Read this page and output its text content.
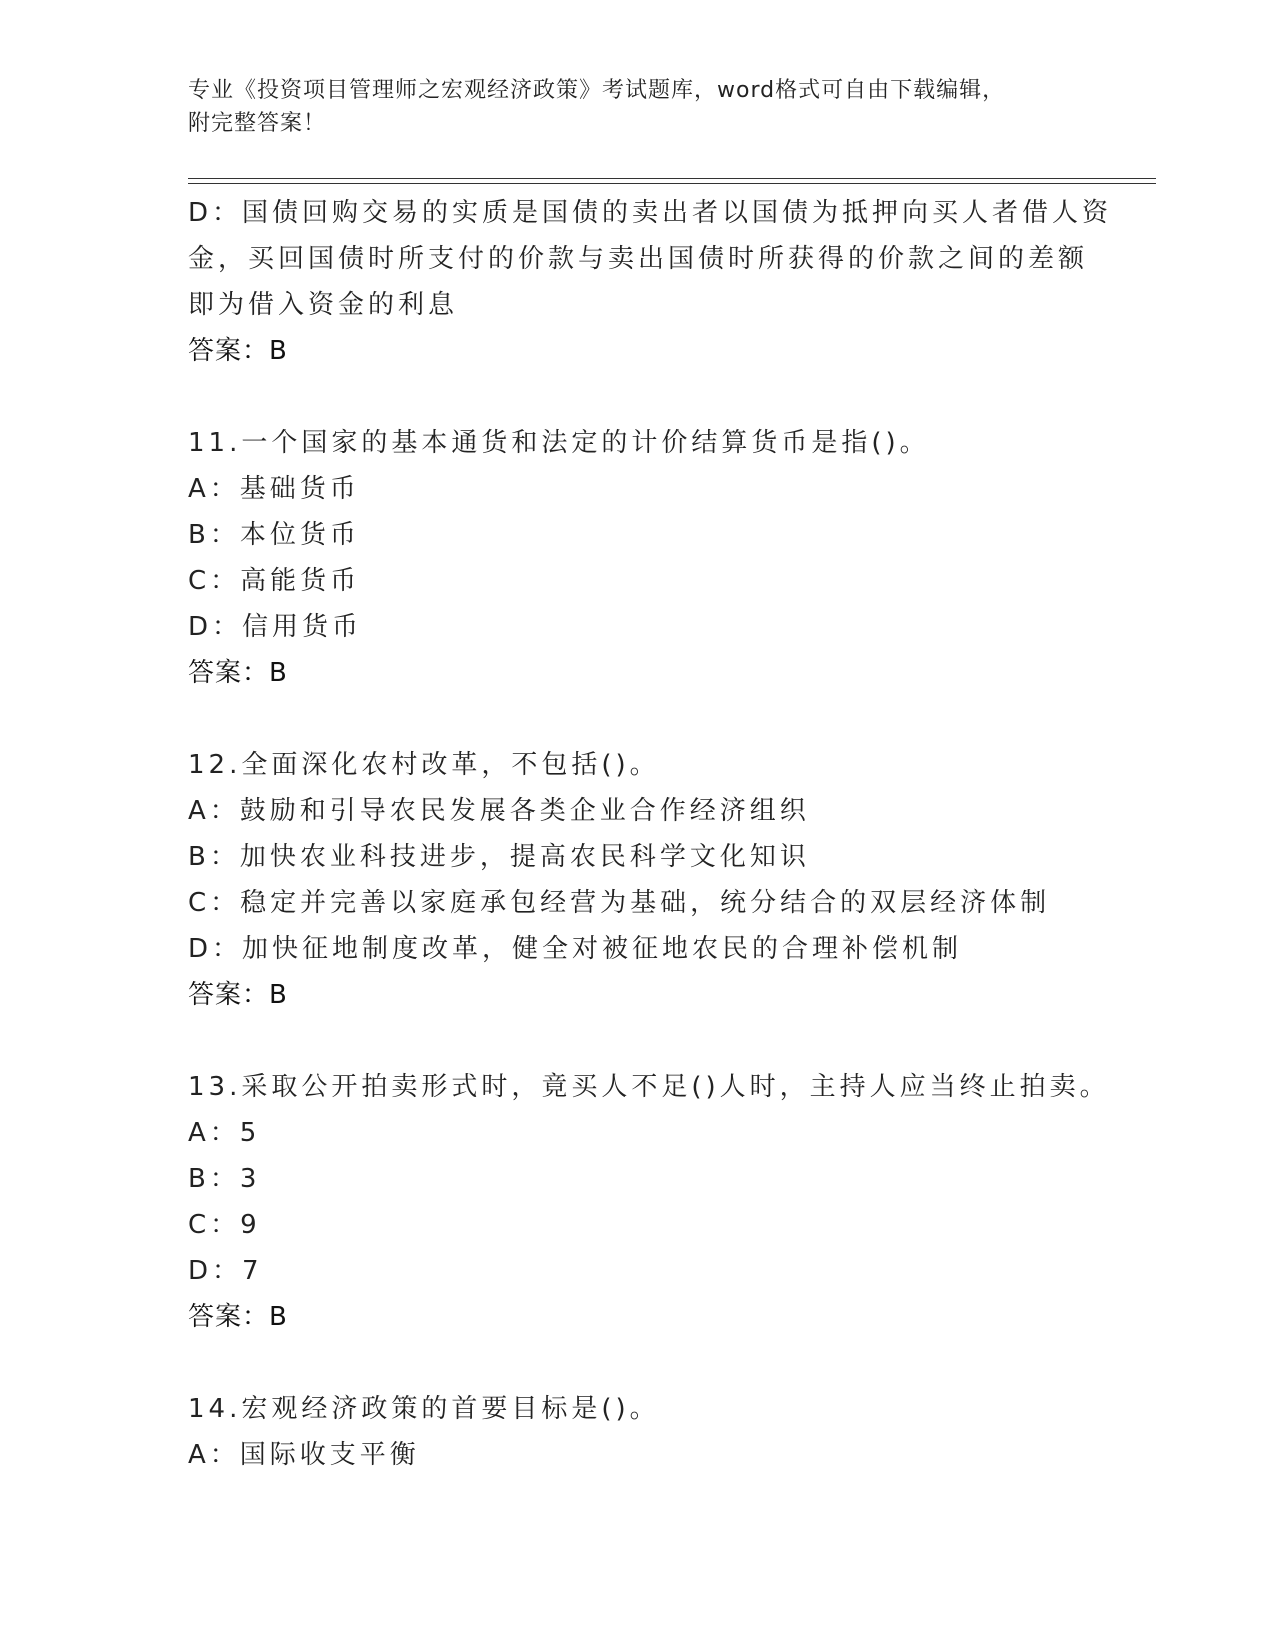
专业《投资项目管理师之宏观经济政策》考试题库，word格式可自由下载编辑，
附完整答案！
D：国债回购交易的实质是国债的卖出者以国债为抵押向买人者借人资
金，买回国债时所支付的价款与卖出国债时所获得的价款之间的差额
即为借入资金的利息
答案：B
11.一个国家的基本通货和法定的计价结算货币是指()。
A：基础货币
B：本位货币
C：高能货币
D：信用货币
答案：B
12.全面深化农村改革，不包括()。
A：鼓励和引导农民发展各类企业合作经济组织
B：加快农业科技进步，提高农民科学文化知识
C：稳定并完善以家庭承包经营为基础，统分结合的双层经济体制
D：加快征地制度改革，健全对被征地农民的合理补偿机制
答案：B
13.采取公开拍卖形式时，竟买人不足()人时，主持人应当终止拍卖。
A：5
B：3
C：9
D：7
答案：B
14.宏观经济政策的首要目标是()。
A：国际收支平衡
